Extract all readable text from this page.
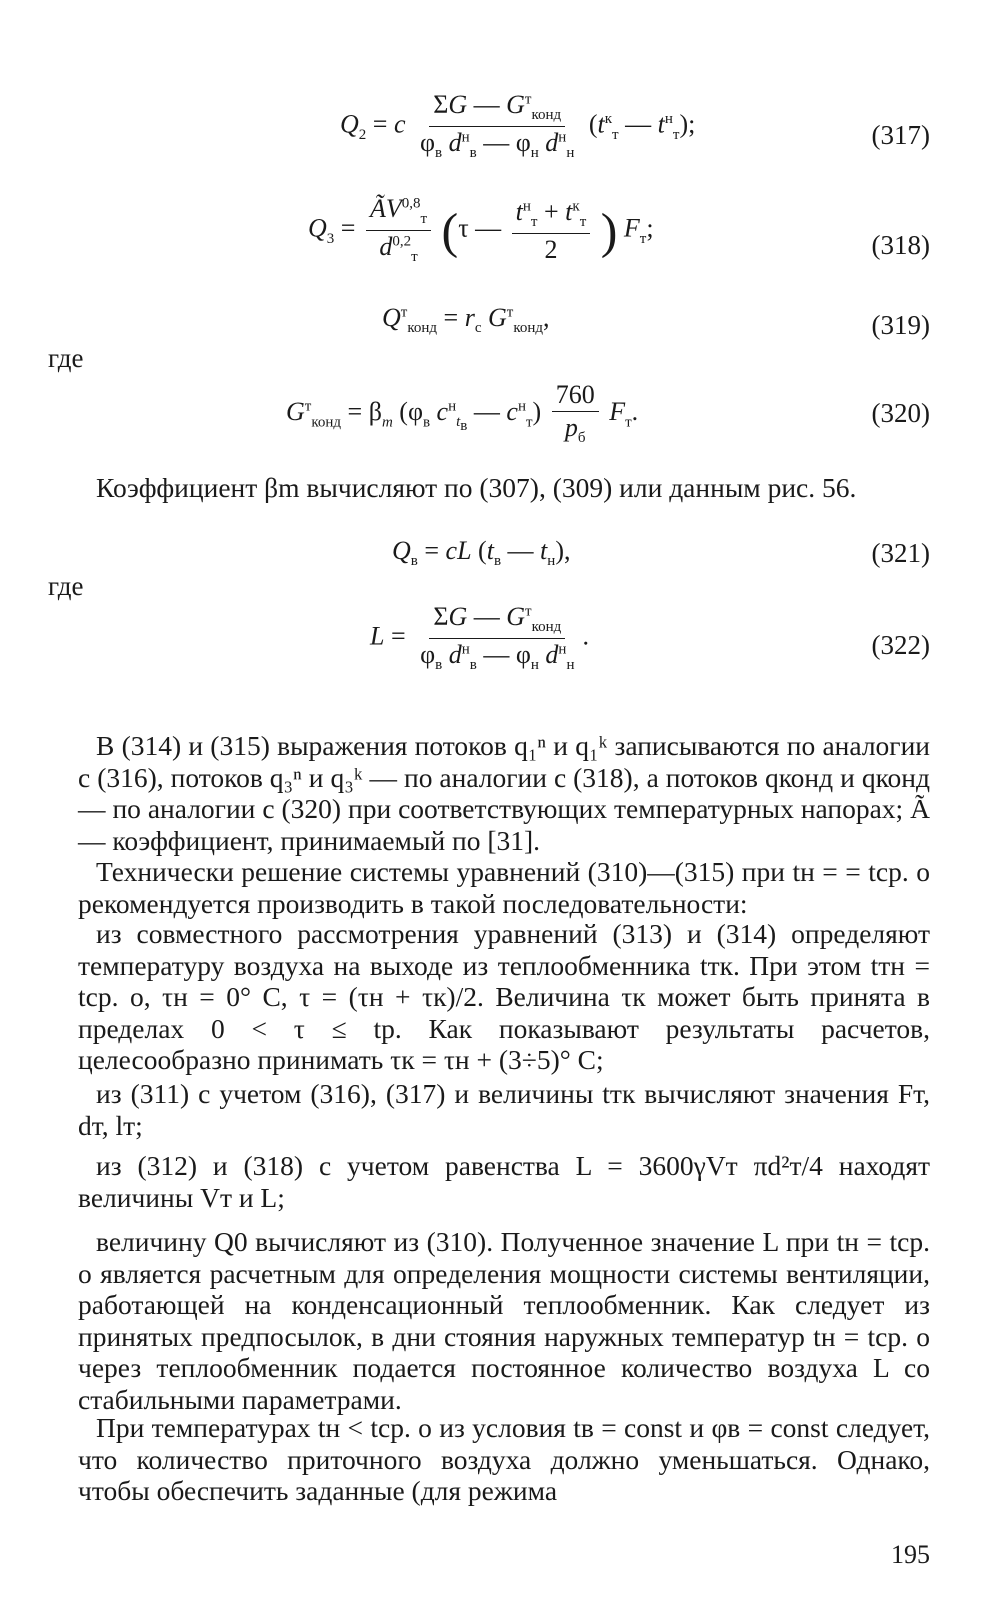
$Q_2 = c \frac{\Sigma G — G^т_{конд}}{\varphi_в d^н_в — \varphi_н d^н_н} (t^к_т$ — $t^н_т$);	(317)
$Q_3 = \frac{ÃV^{0,8}_т}{d^{0,2}_т} (\tau$ — $\frac{t^н_т + t^к_т}{2}$ ) $F_т$;
(318)
$Q^т_{конд} = r_с$ $G^т_{конд}$,	(319)
где
$G^т_{конд} = \beta_m$ ($\varphi_в$ $c^н_{t_в}$ — $c^н_т) \frac{760}{p_б} F_т$.	(320)
Коэффициент βm вычисляют по (307), (309) или данным рис. 56.
$Q_в$ = cL ($t_в$ — $t_н$),	(321)
где
$L = \frac{\Sigma G — G^т_{конд}}{\varphi_в d^н_в — \varphi_н d^н_н}$ .	(322)
В (314) и (315) выражения потоков q₁ⁿ и q₁ᵏ записываются по аналогии с (316), потоков q₃ⁿ и q₃ᵏ — по аналогии с (318), а потоков qконд и qконд — по аналогии с (320) при соответствующих температурных напорах; Ã — коэффициент, принимаемый по [31].
Технически решение системы уравнений (310)—(315) при tн = = tср. о рекомендуется производить в такой последовательности:
из совместного рассмотрения уравнений (313) и (314) определяют температуру воздуха на выходе из теплообменника tтк. При этом tтн = tср. о, τн = 0° С, τ = (τн + τк)/2. Величина τк может быть принята в пределах 0 < τ ≤ tр. Как показывают результаты расчетов, целесообразно принимать τк = τн + (3÷5)° С;
из (311) с учетом (316), (317) и величины tтк вычисляют значения Fт, dт, lт;
из (312) и (318) с учетом равенства L = 3600γVт πd²т/4 находят величины Vт и L;
величину Q0 вычисляют из (310). Полученное значение L при tн = tср. о является расчетным для определения мощности системы вентиляции, работающей на конденсационный теплообменник. Как следует из принятых предпосылок, в дни стояния наружных температур tн = tср. о через теплообменник подается постоянное количество воздуха L со стабильными параметрами.
При температурах tн < tср. о из условия tв = const и φв = const следует, что количество приточного воздуха должно уменьшаться. Однако, чтобы обеспечить заданные (для режима
195
